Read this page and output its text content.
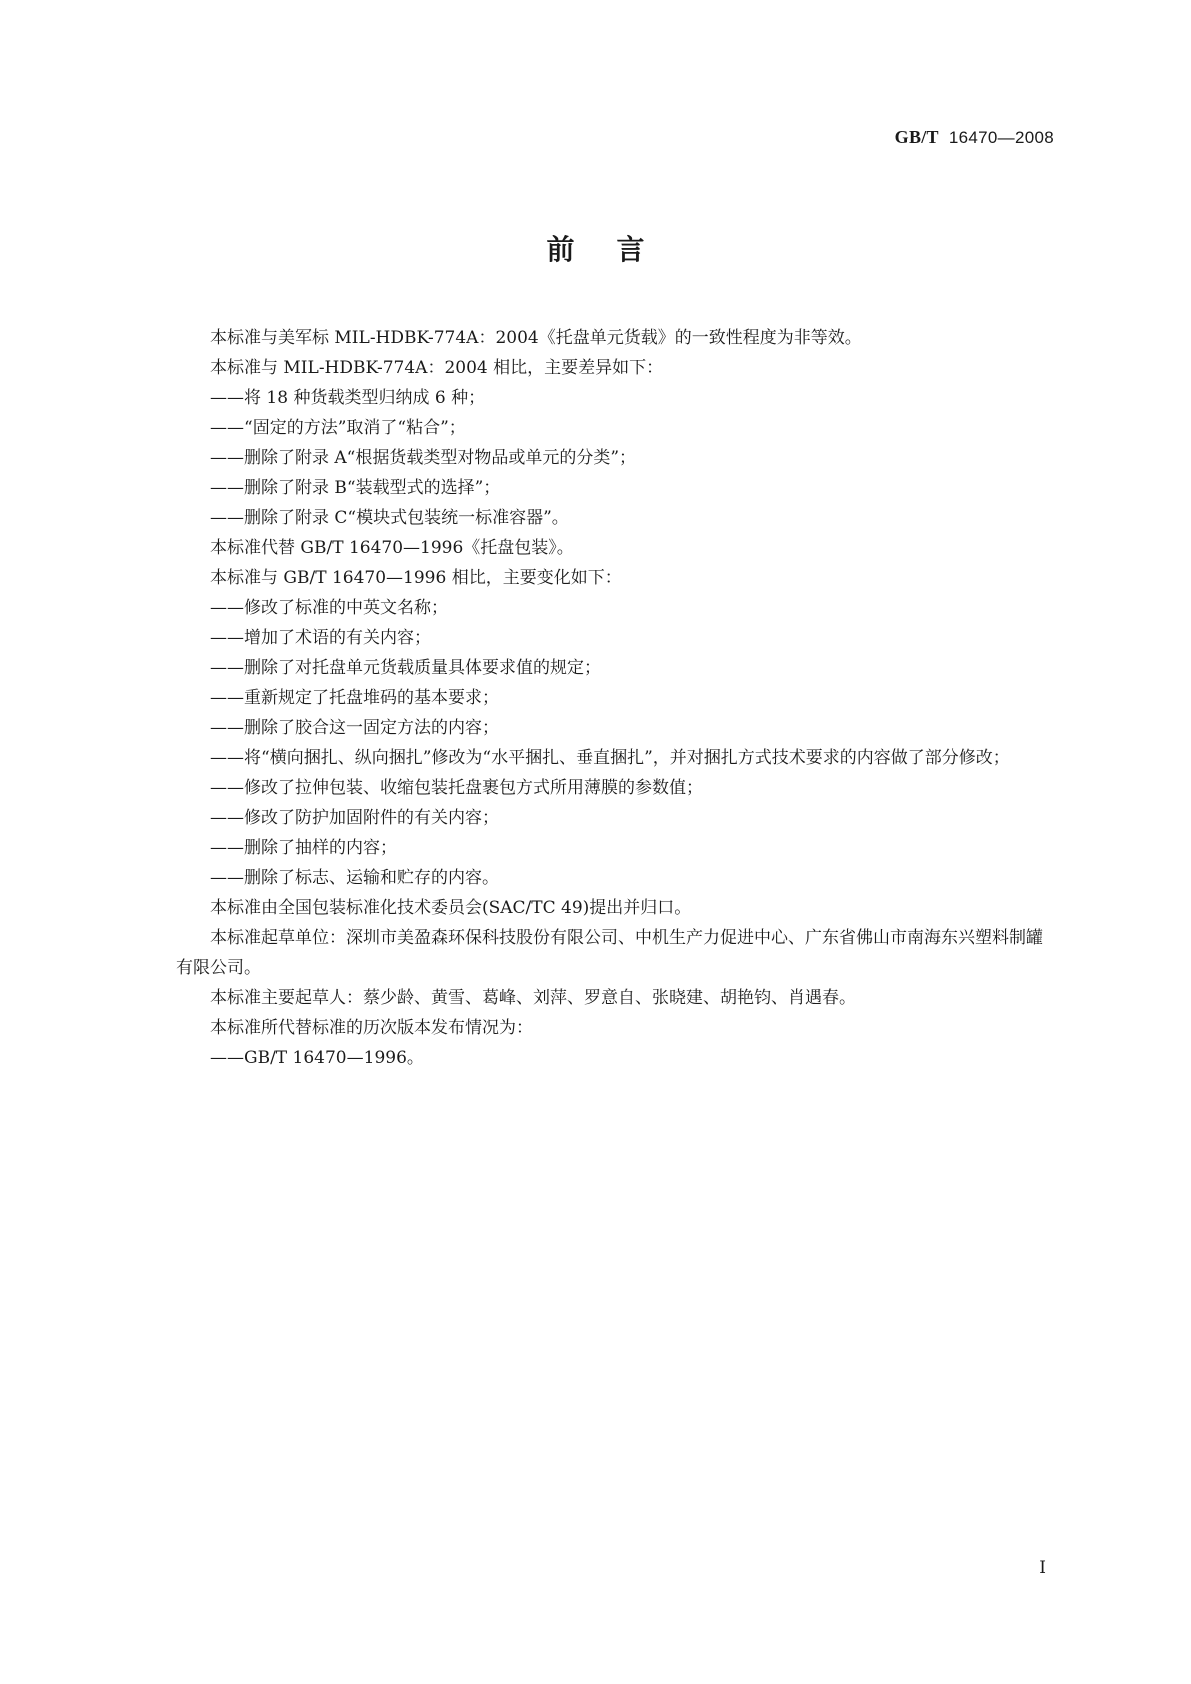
GB/T 16470—2008
前言

本标准与美军标 MIL-HDBK-774A：2004《托盘单元货载》的一致性程度为非等效。

本标准与 MIL-HDBK-774A：2004 相比，主要差异如下：

——将 18 种货载类型归纳成 6 种；

——“固定的方法”取消了“粘合”；

——删除了附录 A“根据货载类型对物品或单元的分类”；

——删除了附录 B“装载型式的选择”；

——删除了附录 C“模块式包装统一标准容器”。

本标准代替 GB/T 16470—1996《托盘包装》。

本标准与 GB/T 16470—1996 相比，主要变化如下：

——修改了标准的中英文名称；

——增加了术语的有关内容；

——删除了对托盘单元货载质量具体要求值的规定；

——重新规定了托盘堆码的基本要求；

——删除了胶合这一固定方法的内容；

——将“横向捆扎、纵向捆扎”修改为“水平捆扎、垂直捆扎”，并对捆扎方式技术要求的内容做了部分修改；

——修改了拉伸包装、收缩包装托盘裹包方式所用薄膜的参数值；

——修改了防护加固附件的有关内容；

——删除了抽样的内容；

——删除了标志、运输和贮存的内容。

本标准由全国包装标准化技术委员会(SAC/TC 49)提出并归口。

本标准起草单位：深圳市美盈森环保科技股份有限公司、中机生产力促进中心、广东省佛山市南海东兴塑料制罐有限公司。

本标准主要起草人：蔡少龄、黄雪、葛峰、刘萍、罗意自、张晓建、胡艳钧、肖遇春。

本标准所代替标准的历次版本发布情况为：

——GB/T 16470—1996。

I
